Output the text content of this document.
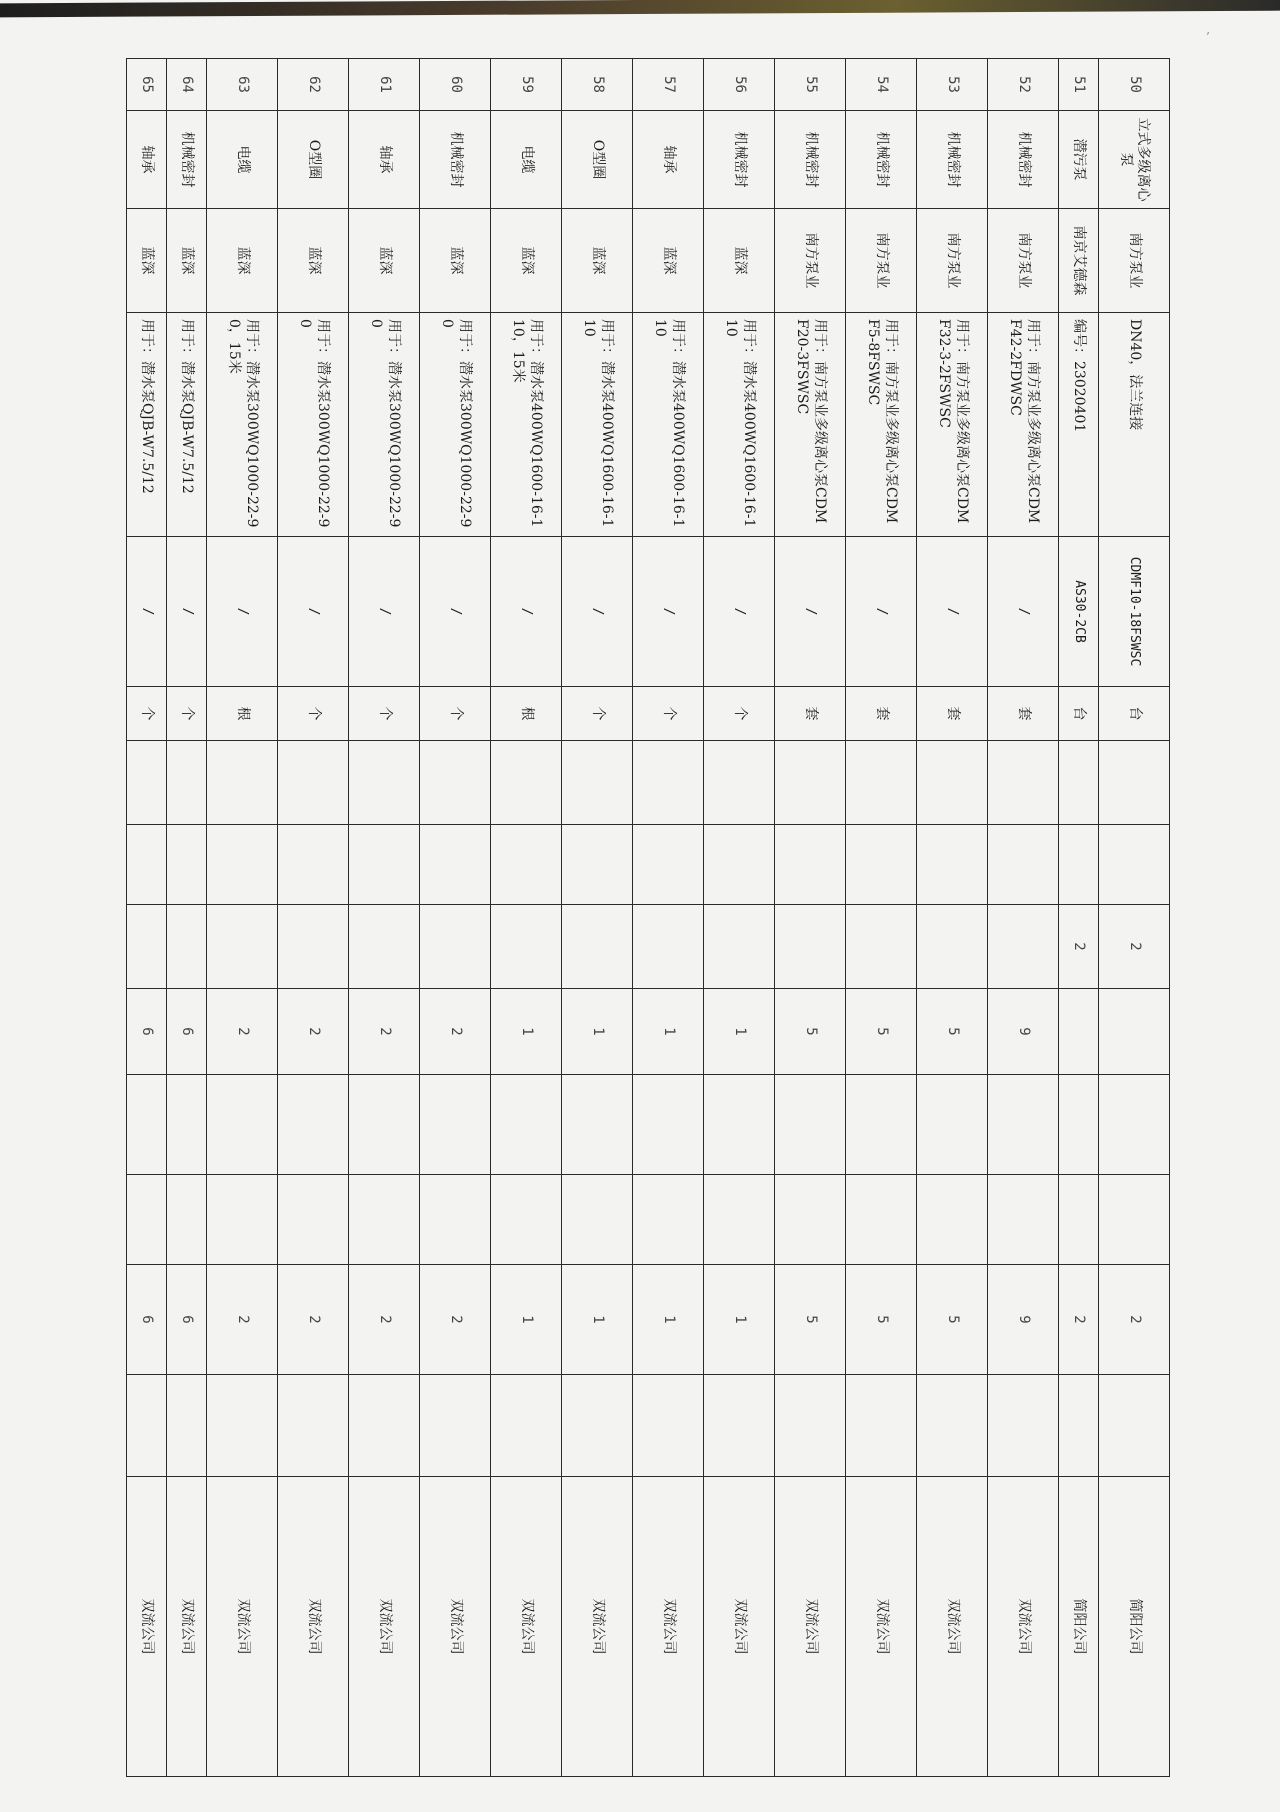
’
50	立式多级离心泵	南方泵业	DN40，法兰连接	CDMF10-18FSWSC	台			2				2		简阳公司
51	潜污泵	南京艾德森	编号：23020401	AS30-2CB	台			2				2		简阳公司
52	机械密封	南方泵业	用于：南方泵业多级离心泵CDMF42-2FDWSC	/	套				9			9		双流公司
53	机械密封	南方泵业	用于：南方泵业多级离心泵CDMF32-3-2FSWSC	/	套				5			5		双流公司
54	机械密封	南方泵业	用于：南方泵业多级离心泵CDMF5-8FSWSC	/	套				5			5		双流公司
55	机械密封	南方泵业	用于：南方泵业多级离心泵CDMF20-3FSWSC	/	套				5			5		双流公司
56	机械密封	蓝深	用于：潜水泵400WQ1600-16-110	/	个				1			1		双流公司
57	轴承	蓝深	用于：潜水泵400WQ1600-16-110	/	个				1			1		双流公司
58	O型圈	蓝深	用于：潜水泵400WQ1600-16-110	/	个				1			1		双流公司
59	电缆	蓝深	用于：潜水泵400WQ1600-16-110，15米	/	根				1			1		双流公司
60	机械密封	蓝深	用于：潜水泵300WQ1000-22-90	/	个				2			2		双流公司
61	轴承	蓝深	用于：潜水泵300WQ1000-22-90	/	个				2			2		双流公司
62	O型圈	蓝深	用于：潜水泵300WQ1000-22-90	/	个				2			2		双流公司
63	电缆	蓝深	用于：潜水泵300WQ1000-22-90，15米	/	根				2			2		双流公司
64	机械密封	蓝深	用于：潜水泵QJB-W7.5/12	/	个				6			6		双流公司
65	轴承	蓝深	用于：潜水泵QJB-W7.5/12	/	个				6			6		双流公司
